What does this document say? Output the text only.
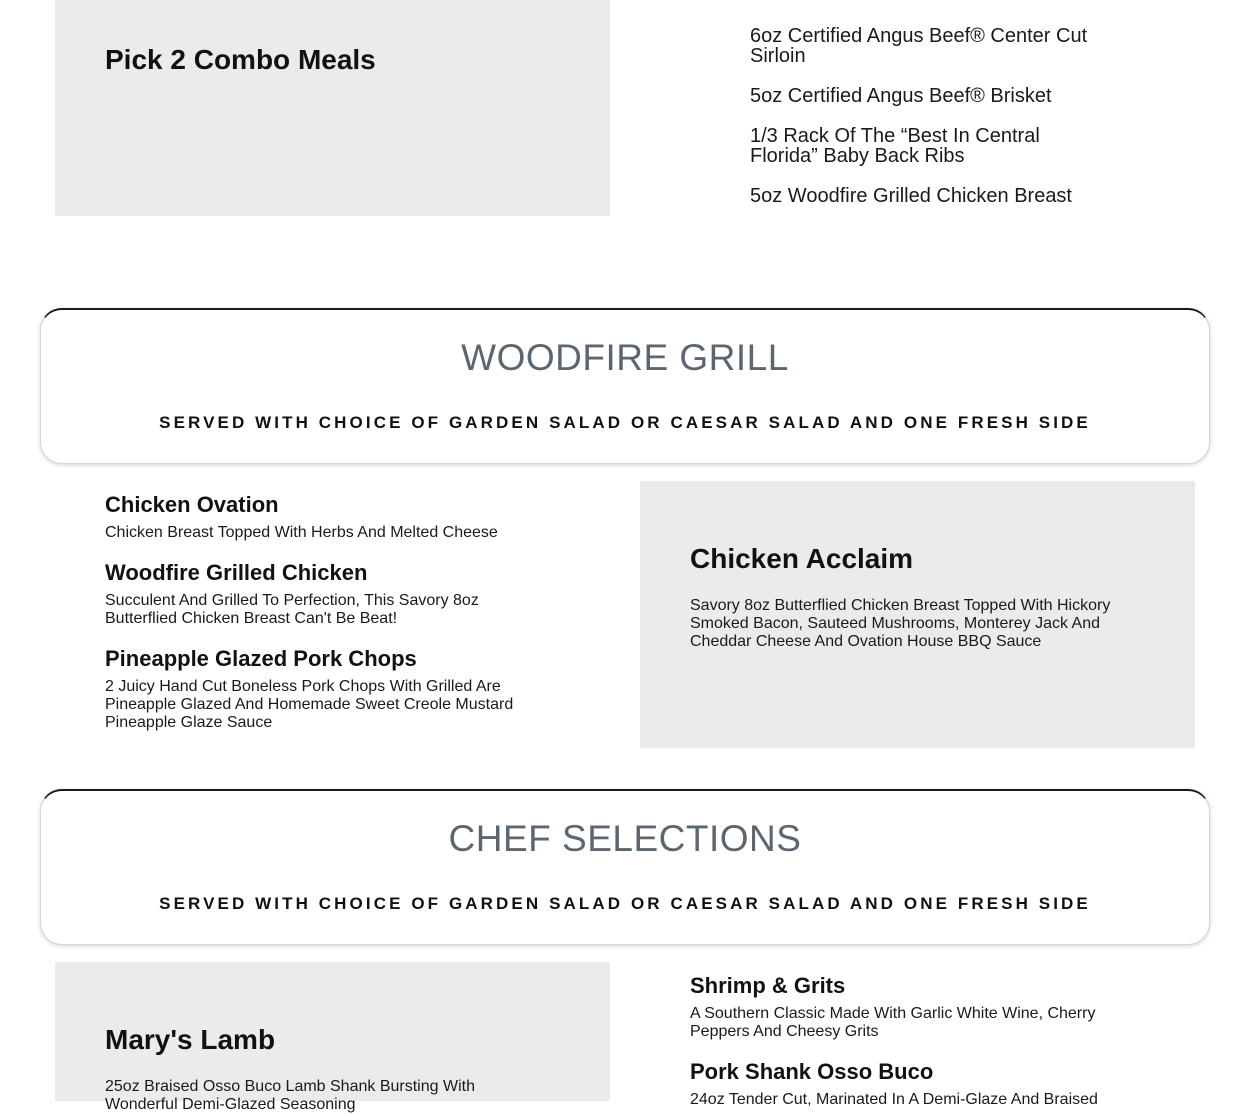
Pick 2 Combo Meals
6oz Certified Angus Beef® Center Cut Sirloin
5oz Certified Angus Beef® Brisket
1/3 Rack Of The “Best In Central Florida” Baby Back Ribs
5oz Woodfire Grilled Chicken Breast
WOODFIRE GRILL

SERVED WITH CHOICE OF GARDEN SALAD OR CAESAR SALAD AND ONE FRESH SIDE

Chicken Ovation

Chicken Breast Topped With Herbs And Melted Cheese

Woodfire Grilled Chicken

Succulent And Grilled To Perfection, This Savory 8oz Butterflied Chicken Breast Can't Be Beat!

Pineapple Glazed Pork Chops

2 Juicy Hand Cut Boneless Pork Chops With Grilled Are Pineapple Glazed And Homemade Sweet Creole Mustard Pineapple Glaze Sauce

Chicken Acclaim

Savory 8oz Butterflied Chicken Breast Topped With Hickory Smoked Bacon, Sauteed Mushrooms, Monterey Jack And Cheddar Cheese And Ovation House BBQ Sauce

CHEF SELECTIONS

SERVED WITH CHOICE OF GARDEN SALAD OR CAESAR SALAD AND ONE FRESH SIDE

Mary's Lamb

25oz Braised Osso Buco Lamb Shank Bursting With Wonderful Demi-Glazed Seasoning

Shrimp & Grits

A Southern Classic Made With Garlic White Wine, Cherry Peppers And Cheesy Grits

Pork Shank Osso Buco

24oz Tender Cut, Marinated In A Demi-Glaze And Braised
